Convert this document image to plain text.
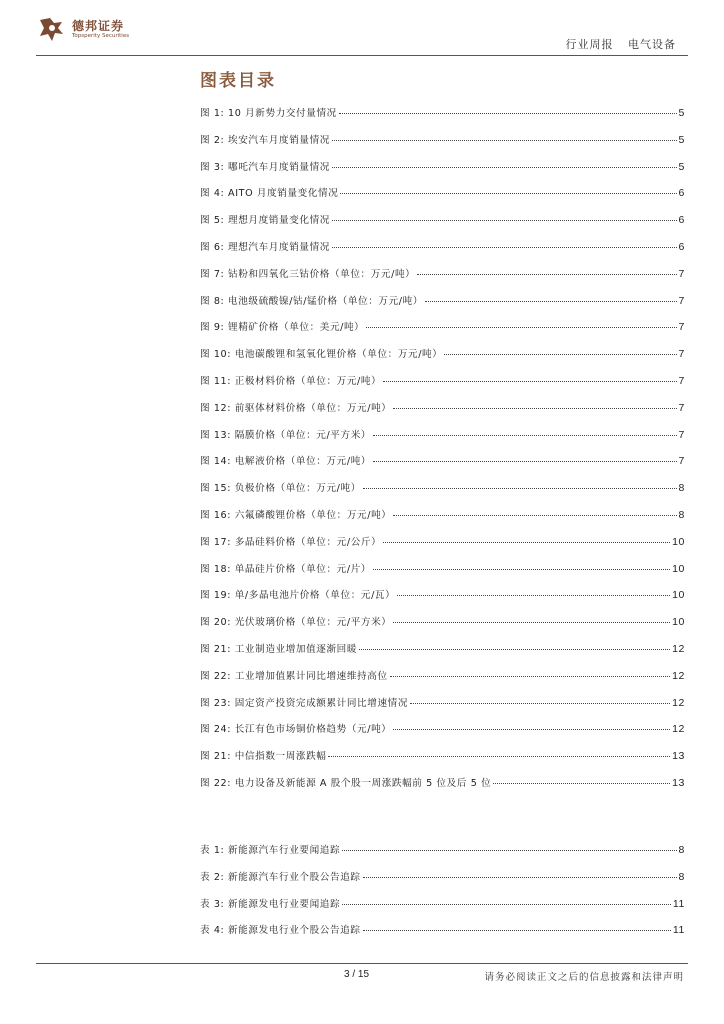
德邦证券
Topsperity Securities
行业周报 电气设备
图表目录
图 1: 10 月新势力交付量情况	5
图 2: 埃安汽车月度销量情况	5
图 3: 哪吒汽车月度销量情况	5
图 4: AITO 月度销量变化情况	6
图 5: 理想月度销量变化情况	6
图 6: 理想汽车月度销量情况	6
图 7: 钴粉和四氧化三钴价格（单位：万元/吨）	7
图 8: 电池级硫酸镍/钴/锰价格（单位：万元/吨）	7
图 9: 锂精矿价格（单位：美元/吨）	7
图 10: 电池碳酸锂和氢氧化锂价格（单位：万元/吨）	7
图 11: 正极材料价格（单位：万元/吨）	7
图 12: 前驱体材料价格（单位：万元/吨）	7
图 13: 隔膜价格（单位：元/平方米）	7
图 14: 电解液价格（单位：万元/吨）	7
图 15: 负极价格（单位：万元/吨）	8
图 16: 六氟磷酸锂价格（单位：万元/吨）	8
图 17: 多晶硅料价格（单位：元/公斤）	10
图 18: 单晶硅片价格（单位：元/片）	10
图 19: 单/多晶电池片价格（单位：元/瓦）	10
图 20: 光伏玻璃价格（单位：元/平方米）	10
图 21: 工业制造业增加值逐渐回暖	12
图 22: 工业增加值累计同比增速维持高位	12
图 23: 固定资产投资完成额累计同比增速情况	12
图 24: 长江有色市场铜价格趋势（元/吨）	12
图 21: 中信指数一周涨跌幅	13
图 22: 电力设备及新能源 A 股个股一周涨跌幅前 5 位及后 5 位	13
表 1: 新能源汽车行业要闻追踪	8
表 2: 新能源汽车行业个股公告追踪	8
表 3: 新能源发电行业要闻追踪	11
表 4: 新能源发电行业个股公告追踪	11
3 / 15	请务必阅读正文之后的信息披露和法律声明
